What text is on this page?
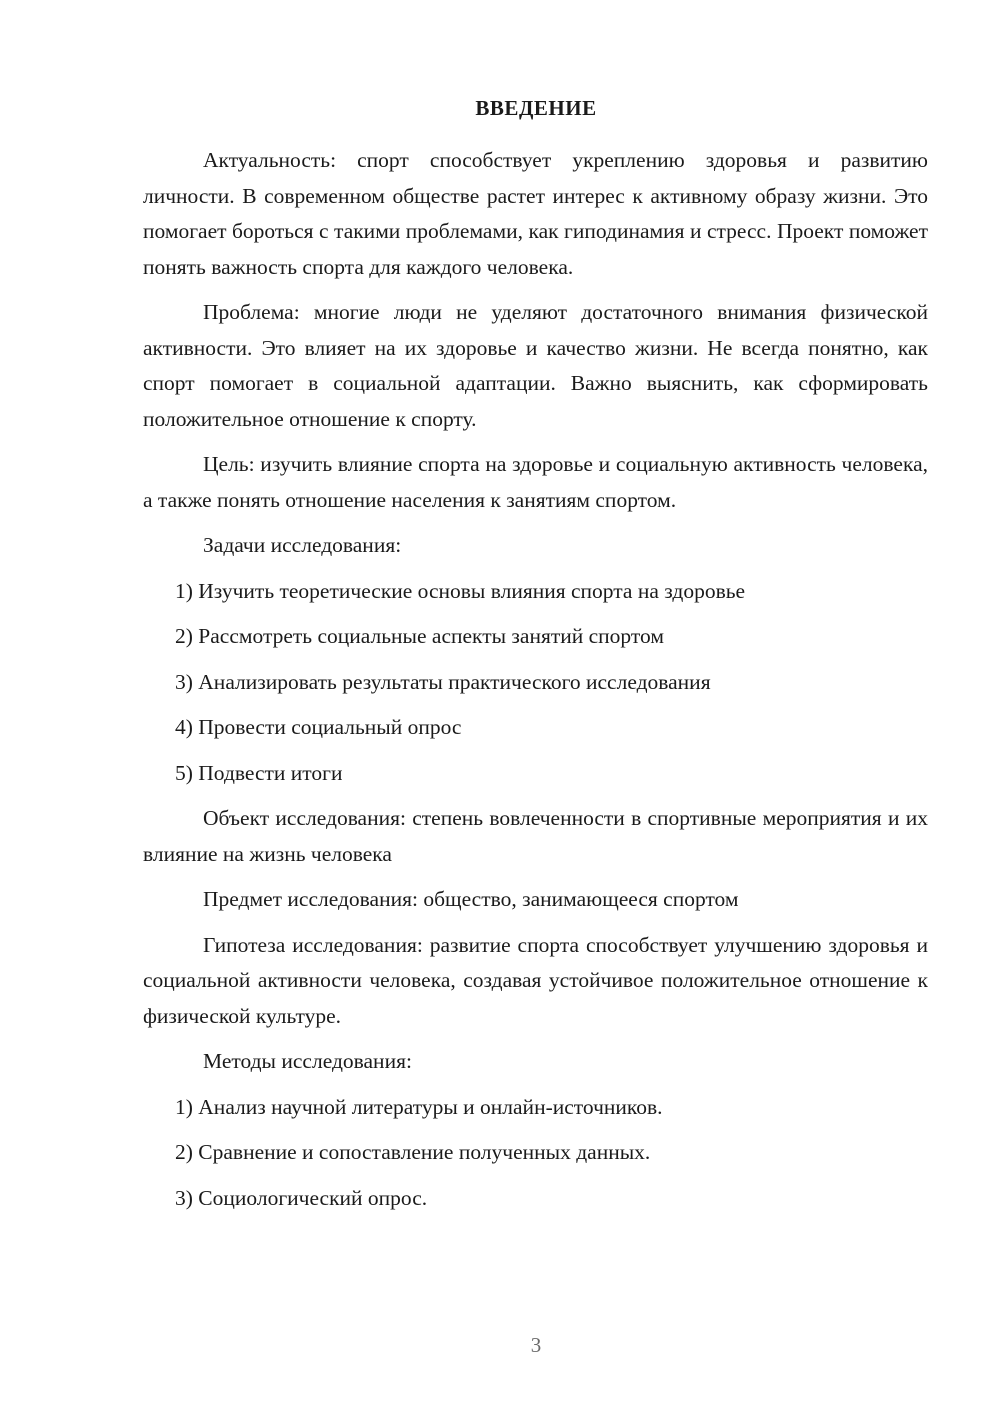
ВВЕДЕНИЕ

Актуальность: спорт способствует укреплению здоровья и развитию личности. В современном обществе растет интерес к активному образу жизни. Это помогает бороться с такими проблемами, как гиподинамия и стресс. Проект поможет понять важность спорта для каждого человека.

Проблема: многие люди не уделяют достаточного внимания физической активности. Это влияет на их здоровье и качество жизни. Не всегда понятно, как спорт помогает в социальной адаптации. Важно выяснить, как сформировать положительное отношение к спорту.

Цель: изучить влияние спорта на здоровье и социальную активность человека, а также понять отношение населения к занятиям спортом.

Задачи исследования:

1) Изучить теоретические основы влияния спорта на здоровье

2) Рассмотреть социальные аспекты занятий спортом

3) Анализировать результаты практического исследования

4) Провести социальный опрос

5) Подвести итоги

Объект исследования: степень вовлеченности в спортивные мероприятия и их влияние на жизнь человека

Предмет исследования: общество, занимающееся спортом

Гипотеза исследования: развитие спорта способствует улучшению здоровья и социальной активности человека, создавая устойчивое положительное отношение к физической культуре.

Методы исследования:

1) Анализ научной литературы и онлайн-источников.

2) Сравнение и сопоставление полученных данных.

3) Социологический опрос.

3
